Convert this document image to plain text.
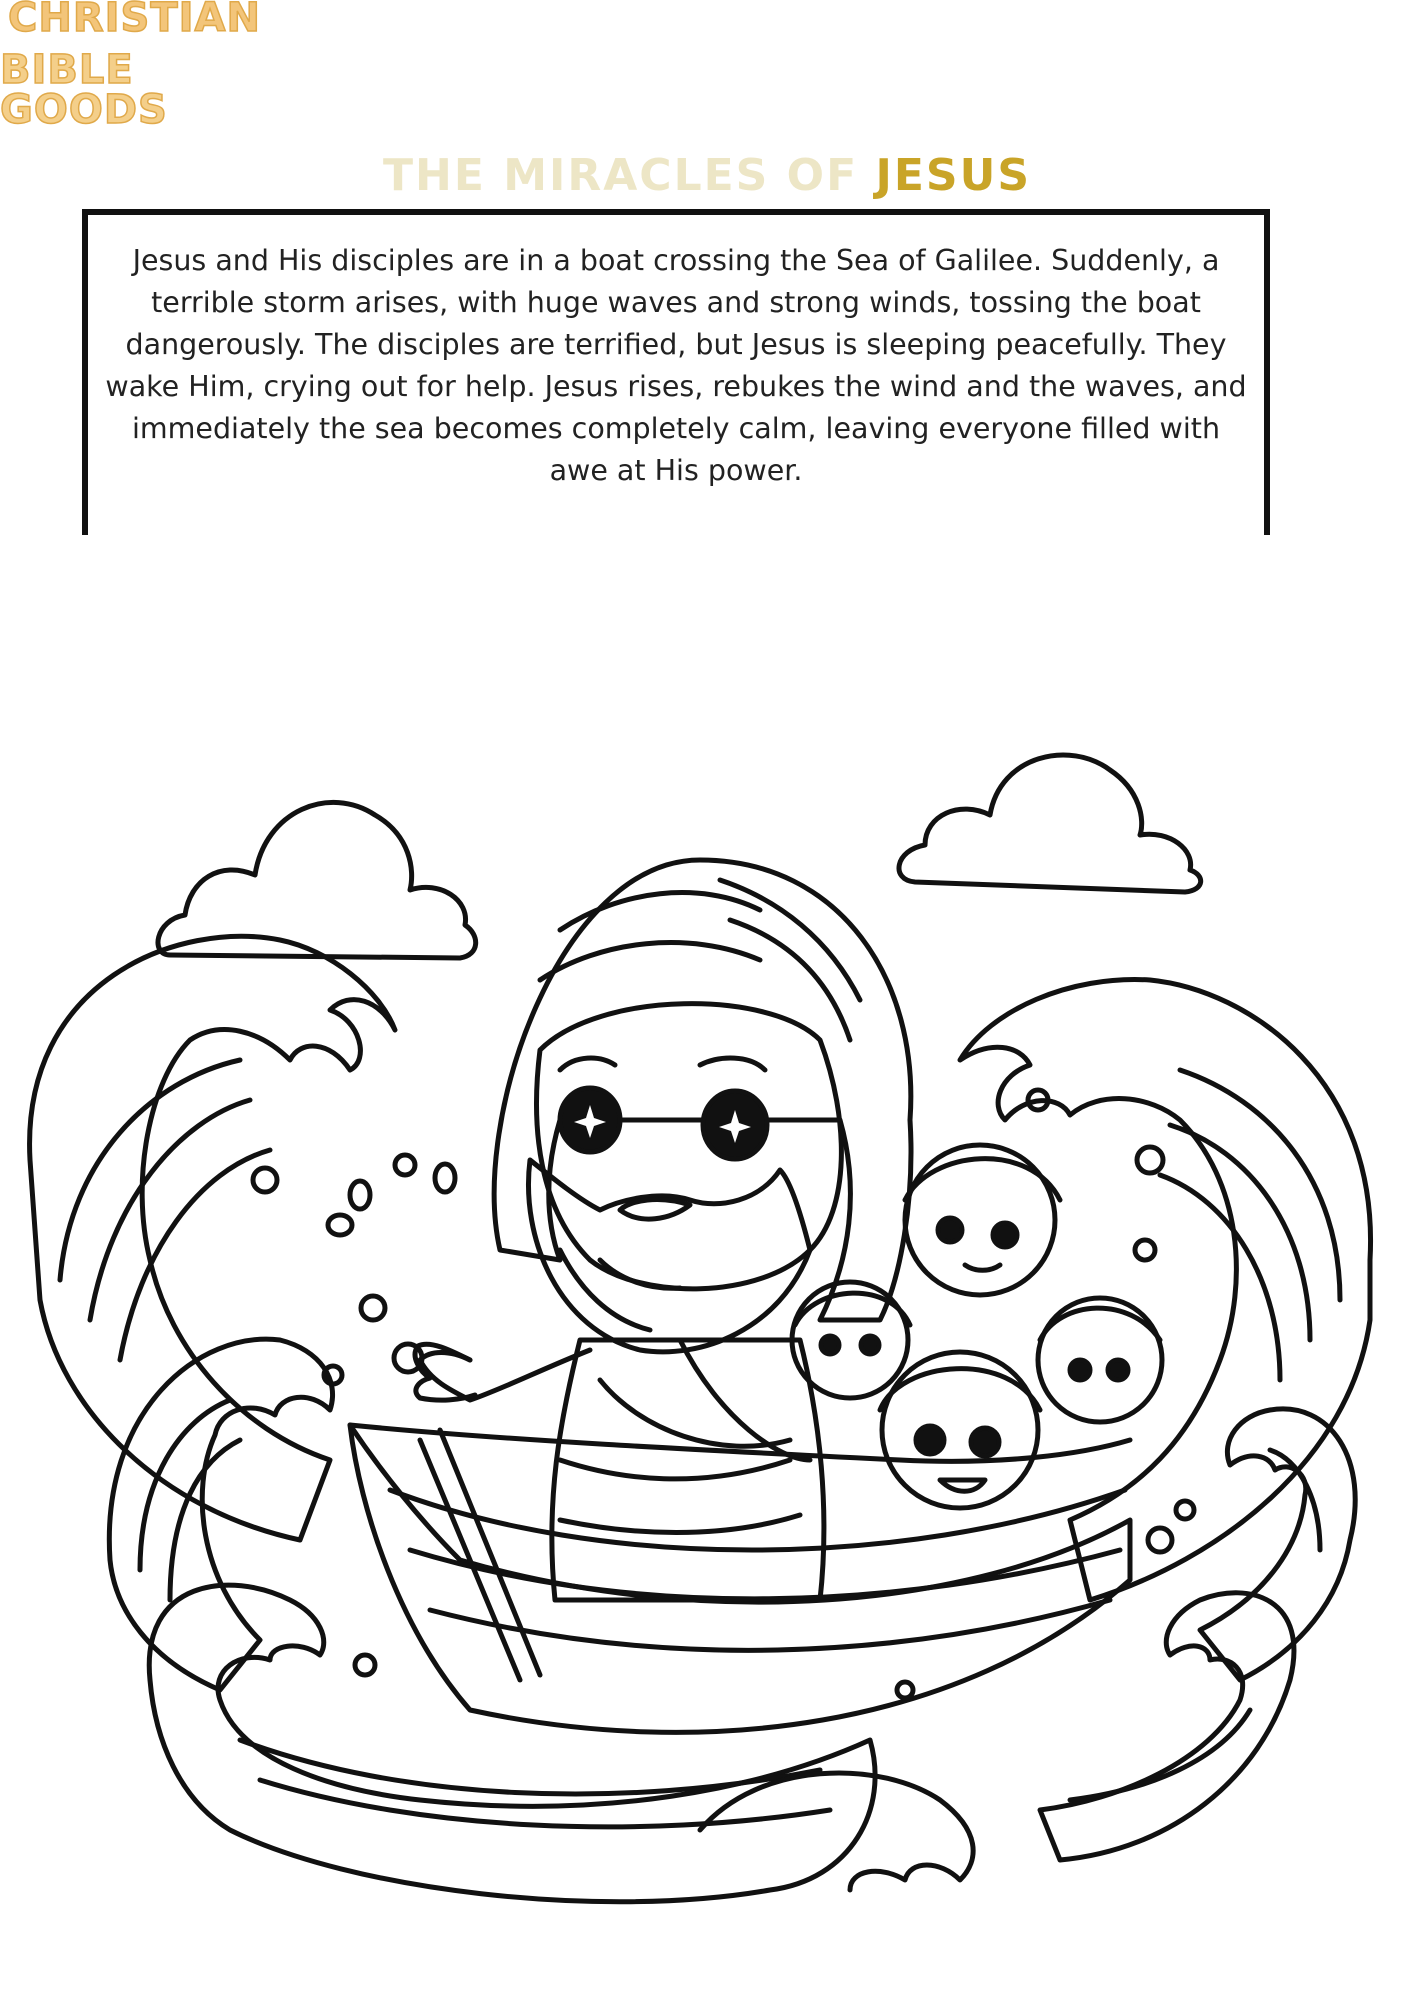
CHRISTIAN
BIBLE GOODS
THE MIRACLES OF JESUS

Jesus and His disciples are in a boat crossing the Sea of Galilee. Suddenly, a terrible storm arises, with huge waves and strong winds, tossing the boat dangerously. The disciples are terrified, but Jesus is sleeping peacefully. They wake Him, crying out for help. Jesus rises, rebukes the wind and the waves, and immediately the sea becomes completely calm, leaving everyone filled with awe at His power.
